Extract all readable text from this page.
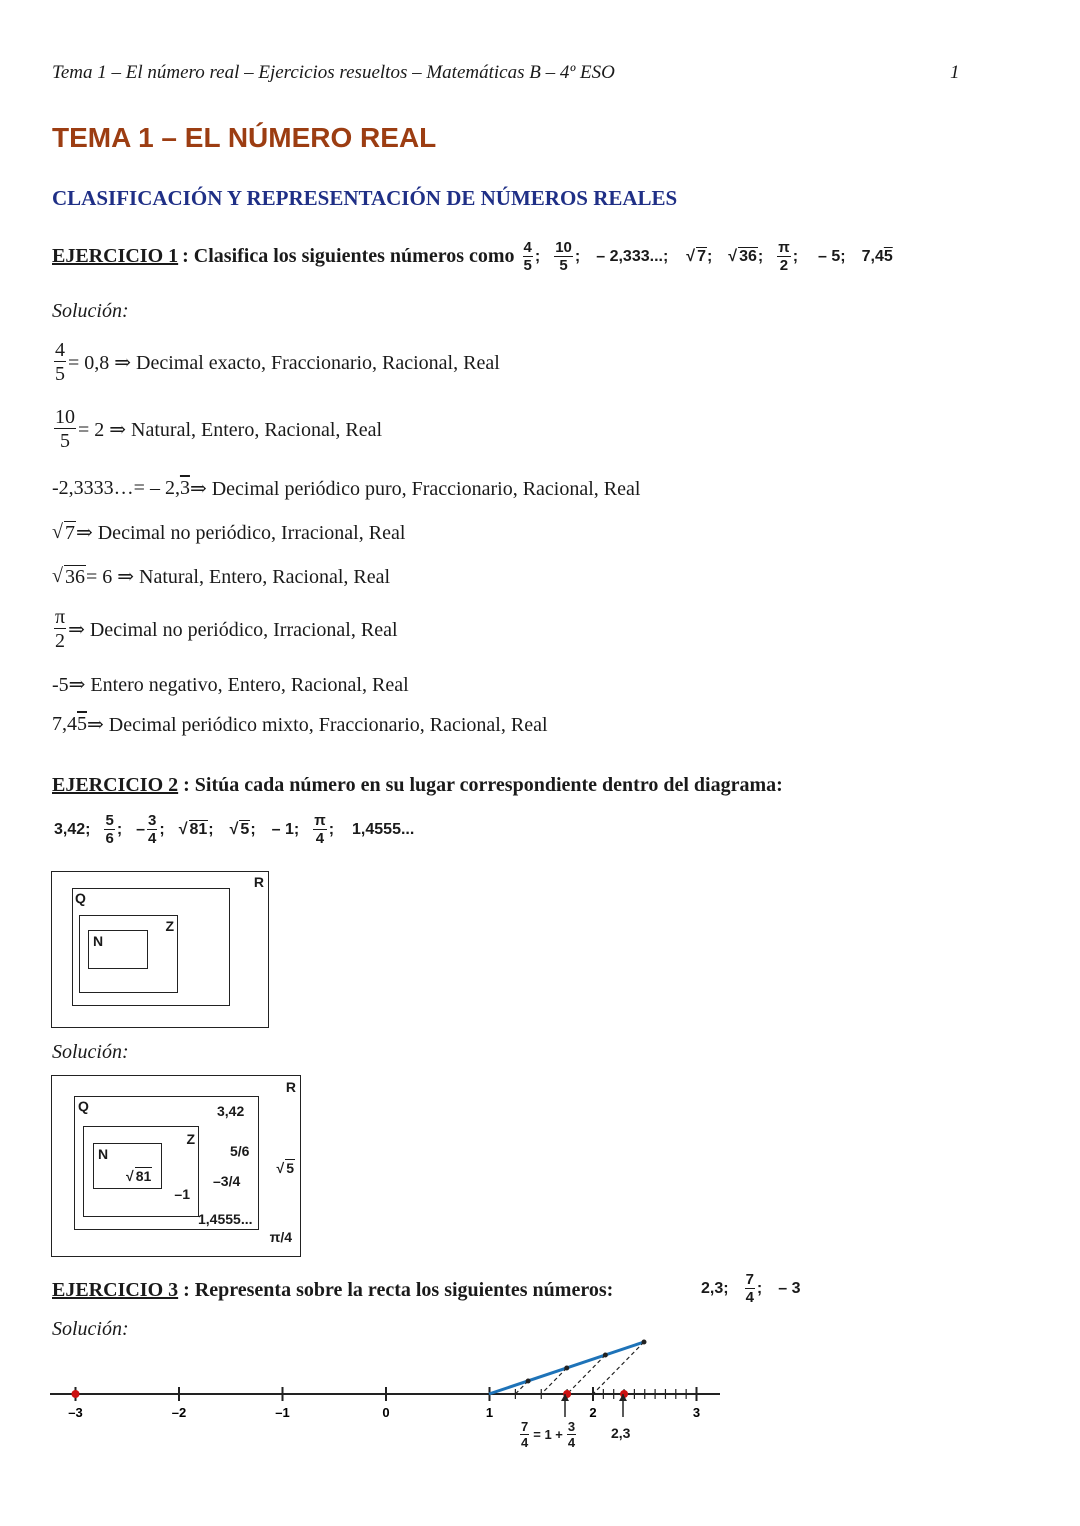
Tema 1 – El número real – Ejercicios resueltos – Matemáticas B – 4º ESO	1
TEMA 1 – EL NÚMERO REAL
CLASIFICACIÓN Y REPRESENTACIÓN DE NÚMEROS REALES
EJERCICIO 1 : Clasifica los siguientes números como 4
5
; 10
5
; – 2,333...; √ 7; √ 36; π
2
; – 5; 7,45
Solución:
$\frac{4}{5} = 0,8$ ⇒ Decimal exacto, Fraccionario, Racional, Real
$\frac{10}{5} = 2$ ⇒ Natural, Entero, Racional, Real
-2,3333…= – 2, 3 ⇒ Decimal periódico puro, Fraccionario, Racional, Real
√ 7 ⇒ Decimal no periódico, Irracional, Real
√ 36 = 6 ⇒ Natural, Entero, Racional, Real
$\frac{\pi}{2}$ ⇒ Decimal no periódico, Irracional, Real
-5⇒ Entero negativo, Entero, Racional, Real
7,4 5 ⇒ Decimal periódico mixto, Fraccionario, Racional, Real
EJERCICIO 2 : Sitúa cada número en su lugar correspondiente dentro del diagrama:
3,42; 5
6
; – 3
4
; √ 81; √ 5; – 1; π
4
; 1,4555...
R
Q
Z
N
Solución:
R
√ 5
π/4
Q	3,42
5/6
–3/4
1,4555...
Z
–1
N
√ 81
EJERCICIO 3 : Representa sobre la recta los siguientes números:	2,3; 7
4
; – 3
Solución:
–3	–2	–1	0	1	2	3
$\frac{7}{4} = 1 + \frac{3}{4} 2,3$
